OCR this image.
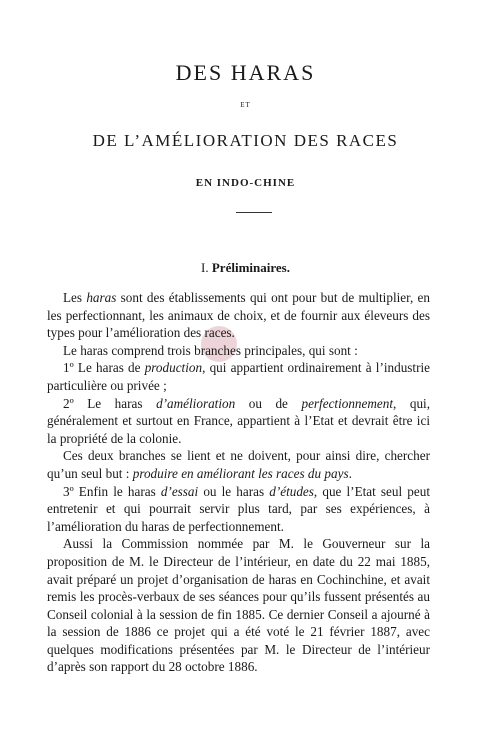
DES HARAS
ET
DE L’AMÉLIORATION DES RACES
EN INDO-CHINE
I. Préliminaires.

Les haras sont des établissements qui ont pour but de multiplier, en les perfectionnant, les animaux de choix, et de fournir aux éleveurs des types pour l’amélioration des races.

Le haras comprend trois branches principales, qui sont :

1º Le haras de production, qui appartient ordinairement à l’industrie particulière ou privée ;

2º Le haras d’amélioration ou de perfectionnement, qui, généralement et surtout en France, appartient à l’Etat et devrait être ici la propriété de la colonie.

Ces deux branches se lient et ne doivent, pour ainsi dire, chercher qu’un seul but : produire en améliorant les races du pays.

3º Enfin le haras d’essai ou le haras d’études, que l’Etat seul peut entretenir et qui pourrait servir plus tard, par ses expériences, à l’amélioration du haras de perfectionnement.

Aussi la Commission nommée par M. le Gouverneur sur la proposition de M. le Directeur de l’intérieur, en date du 22 mai 1885, avait préparé un projet d’organisation de haras en Cochinchine, et avait remis les procès-verbaux de ses séances pour qu’ils fussent présentés au Conseil colonial à la session de fin 1885. Ce dernier Conseil a ajourné à la session de 1886 ce projet qui a été voté le 21 février 1887, avec quelques modifications présentées par M. le Directeur de l’intérieur d’après son rapport du 28 octobre 1886.
